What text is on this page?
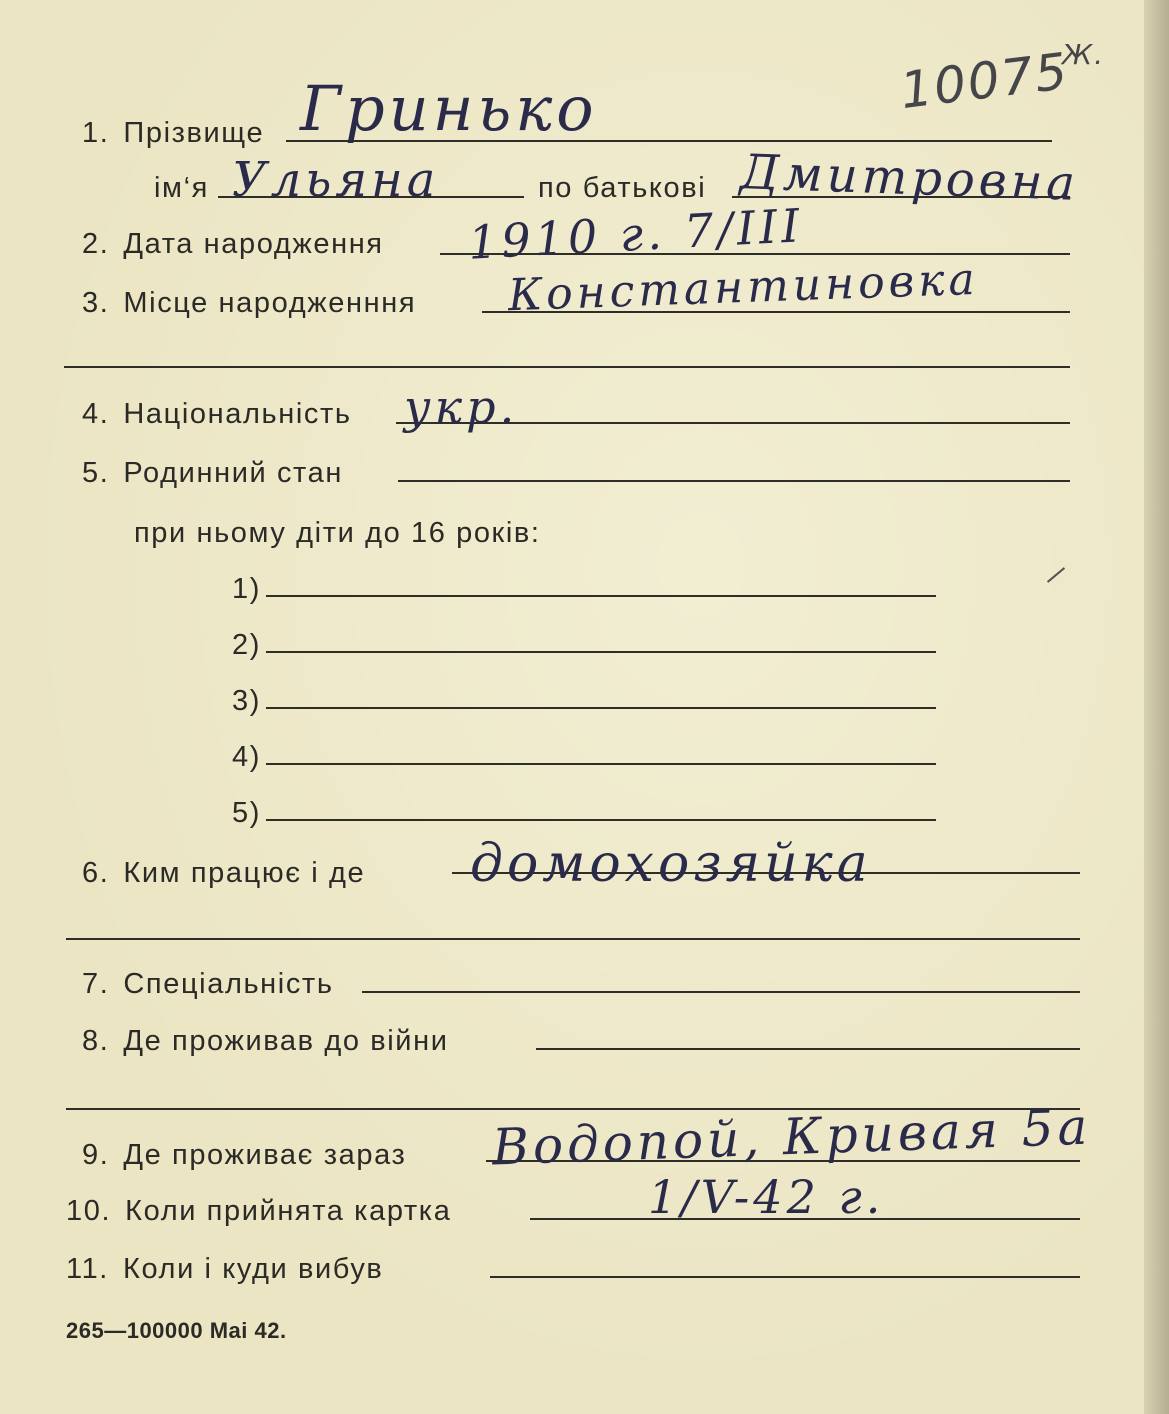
10075
Ж.
1. Прізвище Гринько
ім‘я Ульяна	по батькові Дмитровна
2. Дата народження 1910 г. 7/III
3. Місце народженння Константиновка
4. Національність укр.
5. Родинний стан
при ньому діти до 16 років:
1)
2)
3)
4)
5)
6. Ким працює і де домохозяйка
7. Спеціальність
8. Де проживав до війни
9. Де проживає зараз Водопой, Кривая 5а
10. Коли прийнята картка	1/V-42 г.
11. Коли і куди вибув
265—100000 Mai 42.
